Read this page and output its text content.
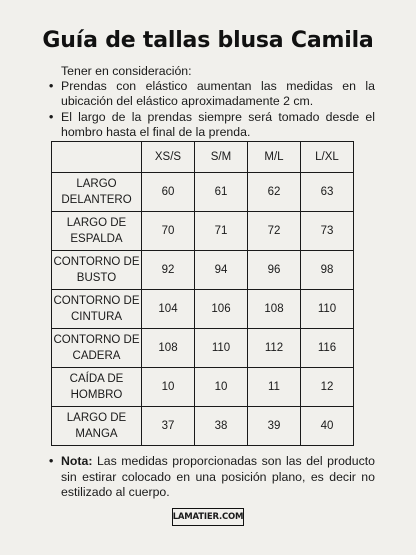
Guía de tallas blusa Camila
Tener en consideración:
• Prendas con elástico aumentan las medidas en la ubicación del elástico aproximadamente 2 cm.
• El largo de la prendas siempre será tomado desde el hombro hasta el final de la prenda.
	XS/S	S/M	M/L	L/XL
LARGO
DELANTERO	60	61	62	63
LARGO DE
ESPALDA	70	71	72	73
CONTORNO DE
BUSTO	92	94	96	98
CONTORNO DE
CINTURA	104	106	108	110
CONTORNO DE
CADERA	108	110	112	116
CAÍDA DE
HOMBRO	10	10	11	12
LARGO DE
MANGA	37	38	39	40
• Nota: Las medidas proporcionadas son las del producto sin estirar colocado en una posición plano, es decir no estilizado al cuerpo.
LAMATIER.COM
